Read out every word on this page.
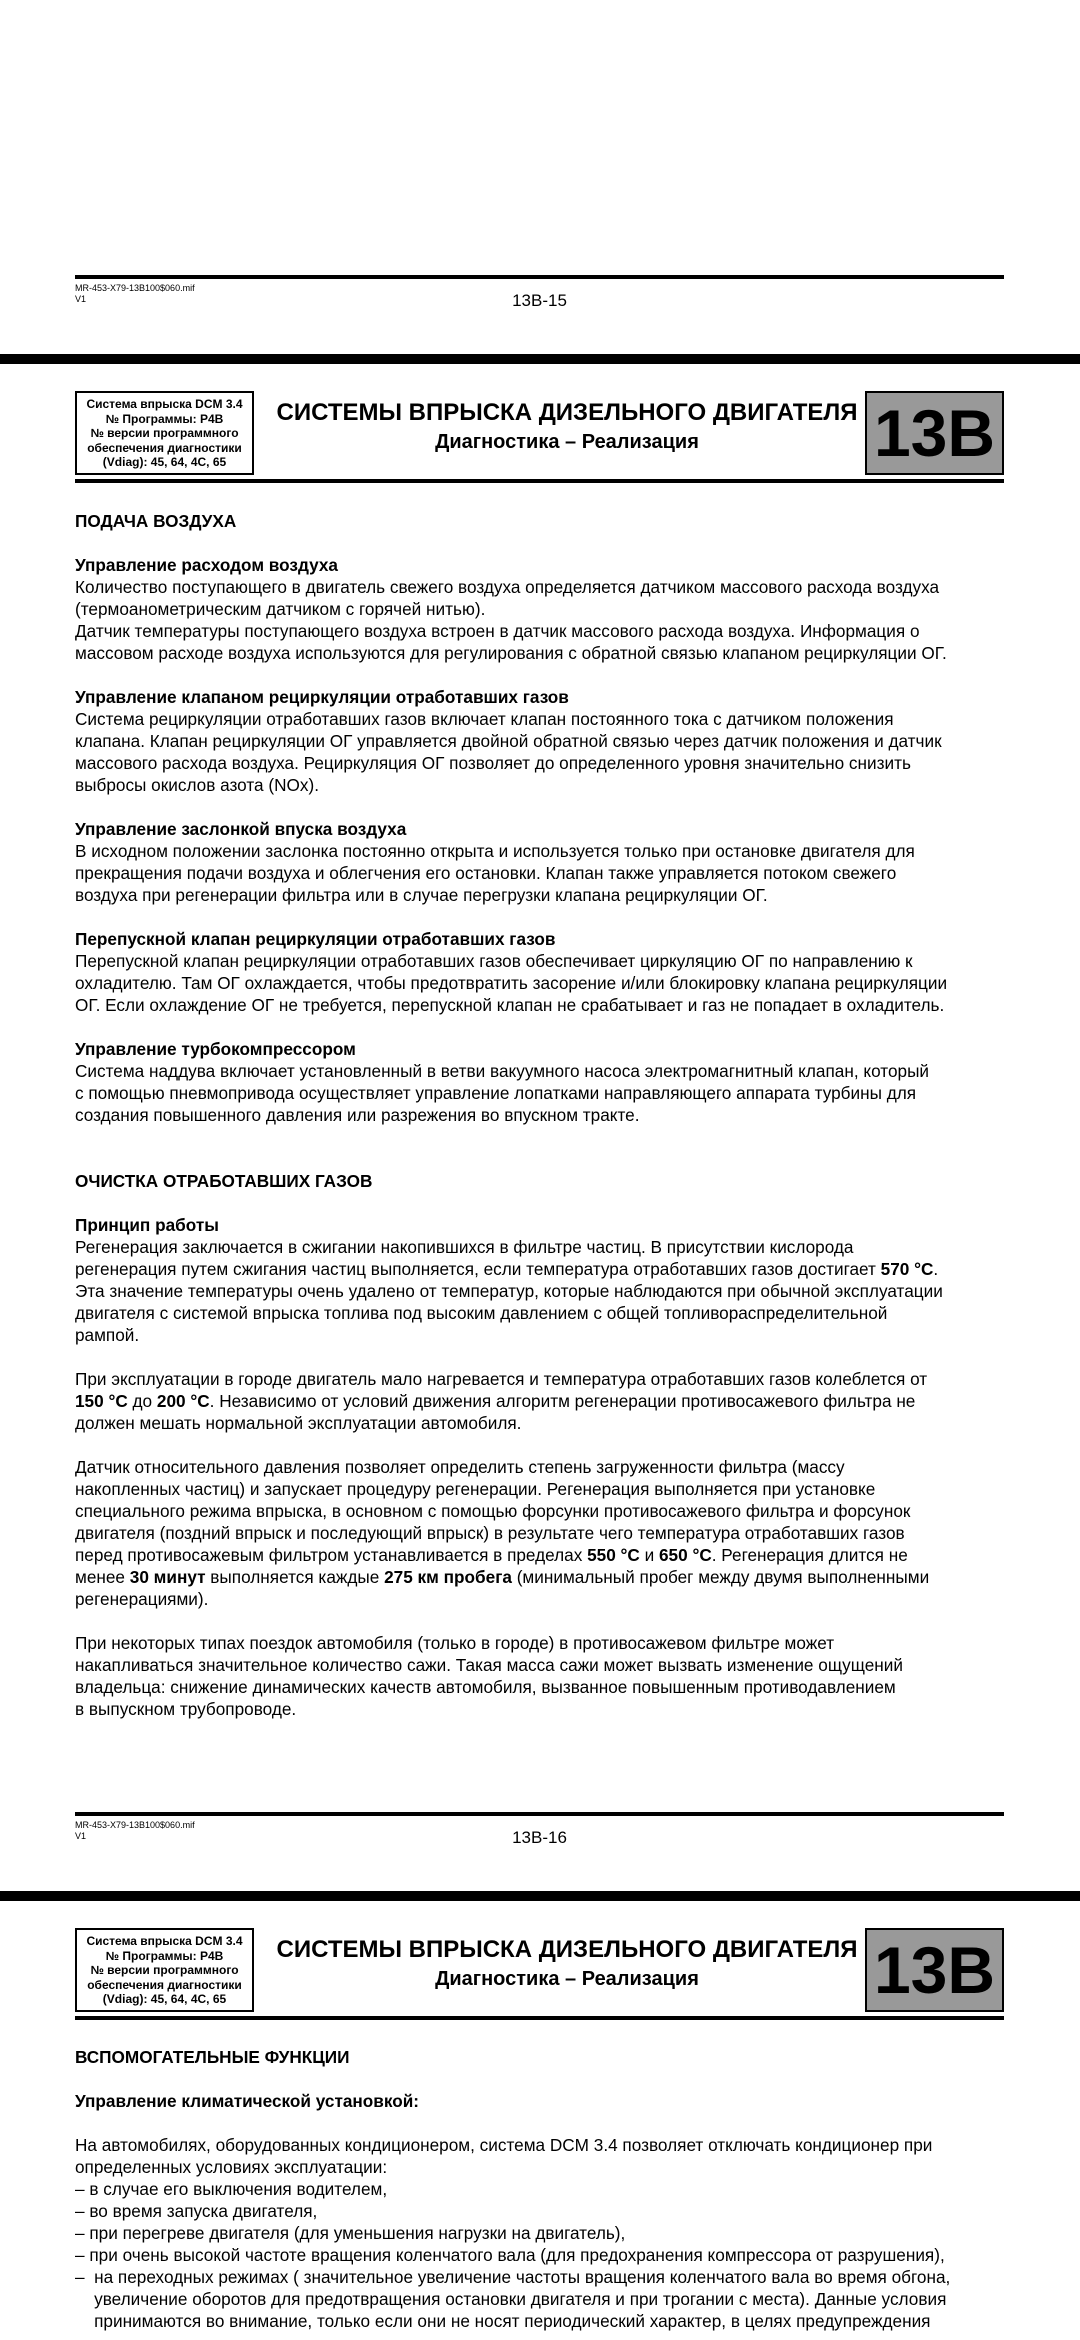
MR-453-X79-13B100$060.mif
V1	13B-15
Система впрыска DCM 3.4
№ Программы: P4B
№ версии программного
обеспечения диагностики
(Vdiag): 45, 64, 4C, 65
СИСТЕМЫ ВПРЫСКА ДИЗЕЛЬНОГО ДВИГАТЕЛЯ
Диагностика – Реализация	13B

ПОДАЧА ВОЗДУХА

Управление расходом воздуха

Количество поступающего в двигатель свежего воздуха определяется датчиком массового расхода воздуха

(термоанометрическим датчиком с горячей нитью).

Датчик температуры поступающего воздуха встроен в датчик массового расхода воздуха. Информация о

массовом расходе воздуха используются для регулирования с обратной связью клапаном рециркуляции ОГ.

Управление клапаном рециркуляции отработавших газов

Система рециркуляции отработавших газов включает клапан постоянного тока с датчиком положения

клапана. Клапан рециркуляции ОГ управляется двойной обратной связью через датчик положения и датчик

массового расхода воздуха. Рециркуляция ОГ позволяет до определенного уровня значительно снизить

выбросы окислов азота (NOx).

Управление заслонкой впуска воздуха

В исходном положении заслонка постоянно открыта и используется только при остановке двигателя для

прекращения подачи воздуха и облегчения его остановки. Клапан также управляется потоком свежего

воздуха при регенерации фильтра или в случае перегрузки клапана рециркуляции ОГ.

Перепускной клапан рециркуляции отработавших газов

Перепускной клапан рециркуляции отработавших газов обеспечивает циркуляцию ОГ по направлению к

охладителю. Там ОГ охлаждается, чтобы предотвратить засорение и/или блокировку клапана рециркуляции

ОГ. Если охлаждение ОГ не требуется, перепускной клапан не срабатывает и газ не попадает в охладитель.

Управление турбокомпрессором

Система наддува включает установленный в ветви вакуумного насоса электромагнитный клапан, который

с помощью пневмопривода осуществляет управление лопатками направляющего аппарата турбины для

создания повышенного давления или разрежения во впускном тракте.

ОЧИСТКА ОТРАБОТАВШИХ ГАЗОВ

Принцип работы

Регенерация заключается в сжигании накопившихся в фильтре частиц. В присутствии кислорода

регенерация путем сжигания частиц выполняется, если температура отработавших газов достигает 570 °C.

Эта значение температуры очень удалено от температур, которые наблюдаются при обычной эксплуатации

двигателя с системой впрыска топлива под высоким давлением с общей топливораспределительной

рампой.

При эксплуатации в городе двигатель мало нагревается и температура отработавших газов колеблется от

150 °C до 200 °C. Независимо от условий движения алгоритм регенерации противосажевого фильтра не

должен мешать нормальной эксплуатации автомобиля.

Датчик относительного давления позволяет определить степень загруженности фильтра (массу

накопленных частиц) и запускает процедуру регенерации. Регенерация выполняется при установке

специального режима впрыска, в основном с помощью форсунки противосажевого фильтра и форсунок

двигателя (поздний впрыск и последующий впрыск) в результате чего температура отработавших газов

перед противосажевым фильтром устанавливается в пределах 550 °C и 650 °C. Регенерация длится не

менее 30 минут выполняется каждые 275 км пробега (минимальный пробег между двумя выполненными

регенерациями).

При некоторых типах поездок автомобиля (только в городе) в противосажевом фильтре может

накапливаться значительное количество сажи. Такая масса сажи может вызвать изменение ощущений

владельца: снижение динамических качеств автомобиля, вызванное повышенным противодавлением

в выпускном трубопроводе.

MR-453-X79-13B100$060.mif
V1	13B-16
Система впрыска DCM 3.4
№ Программы: P4B
№ версии программного
обеспечения диагностики
(Vdiag): 45, 64, 4C, 65
СИСТЕМЫ ВПРЫСКА ДИЗЕЛЬНОГО ДВИГАТЕЛЯ
Диагностика – Реализация	13B

ВСПОМОГАТЕЛЬНЫЕ ФУНКЦИИ

Управление климатической установкой:

На автомобилях, оборудованных кондиционером, система DCM 3.4 позволяет отключать кондиционер при

определенных условиях эксплуатации:

– в случае его выключения водителем,

– во время запуска двигателя,

– при перегреве двигателя (для уменьшения нагрузки на двигатель),

– при очень высокой частоте вращения коленчатого вала (для предохранения компрессора от разрушения),

–  на переходных режимах ( значительное увеличение частоты вращения коленчатого вала во время обгона,

увеличение оборотов для предотвращения остановки двигателя и при трогании с места). Данные условия

принимаются во внимание, только если они не носят периодический характер, в целях предупреждения
